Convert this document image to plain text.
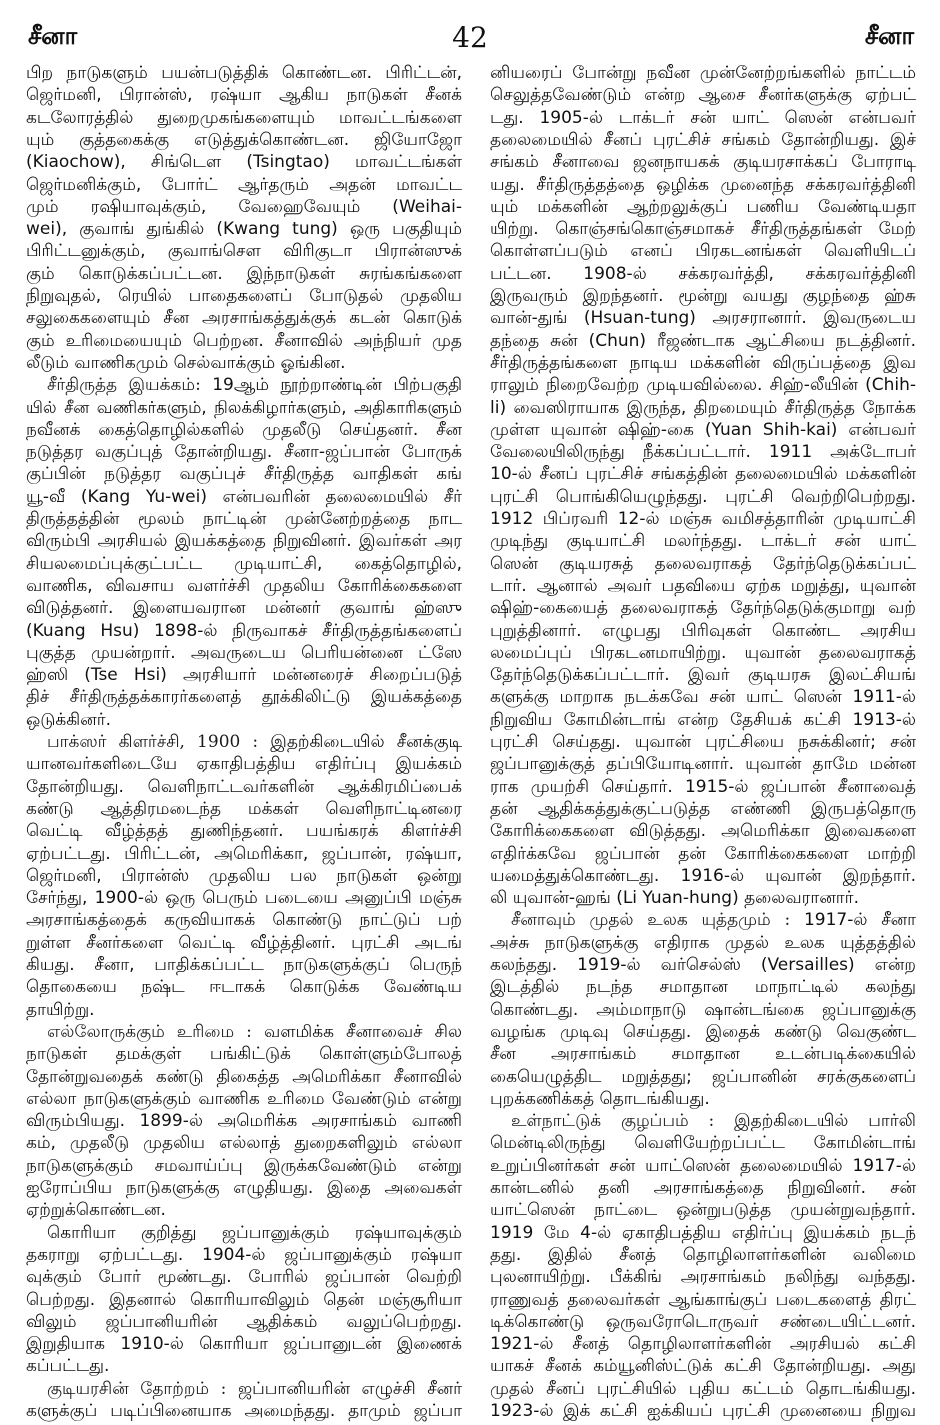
சீனா	42	சீனா
பிற நாடுகளும் பயன்படுத்திக் கொண்டன. பிரிட்டன்,
ஜெர்மனி, பிரான்ஸ், ரஷ்யா ஆகிய நாடுகள் சீனக்
கடலோரத்தில் துறைமுகங்களையும் மாவட்டங்களை
யும் குத்தகைக்கு எடுத்துக்கொண்டன. ஜியோஜோ
(Kiaochow), சிங்டௌ (Tsingtao) மாவட்டங்கள்
ஜெர்மனிக்கும், போர்ட் ஆர்தரும் அதன் மாவட்ட
மும் ரஷியாவுக்கும், வேஹைவேயும் (Weihai-
wei), குவாங் துங்கில் (Kwang tung) ஒரு பகுதியும்
பிரிட்டனுக்கும், குவாங்சௌ விரிகுடா பிரான்ஸுக்
கும் கொடுக்கப்பட்டன. இந்நாடுகள் சுரங்கங்களை
நிறுவுதல், ரெயில் பாதைகளைப் போடுதல் முதலிய
சலுகைகளையும் சீன அரசாங்கத்துக்குக் கடன் கொடுக்
கும் உரிமையையும் பெற்றன. சீனாவில் அந்நியர் முத
லீடும் வாணிகமும் செல்வாக்கும் ஓங்கின.
சீர்திருத்த இயக்கம்: 19ஆம் நூற்றாண்டின் பிற்பகுதி
யில் சீன வணிகர்களும், நிலக்கிழார்களும், அதிகாரிகளும்
நவீனக் கைத்தொழில்களில் முதலீடு செய்தனர். சீன
நடுத்தர வகுப்புத் தோன்றியது. சீனா-ஜப்பான் போருக்
குப்பின் நடுத்தர வகுப்புச் சீர்திருத்த வாதிகள் கங்
யூ-வீ (Kang Yu-wei) என்பவரின் தலைமையில் சீர்
திருத்தத்தின் மூலம் நாட்டின் முன்னேற்றத்தை நாட
விரும்பி அரசியல் இயக்கத்தை நிறுவினர். இவர்கள் அர
சியலமைப்புக்குட்பட்ட முடியாட்சி, கைத்தொழில்,
வாணிக, விவசாய வளர்ச்சி முதலிய கோரிக்கைகளை
விடுத்தனர். இளையவரான மன்னர் குவாங் ஹ்ஸு
(Kuang Hsu) 1898-ல் நிருவாகச் சீர்திருத்தங்களைப்
புகுத்த முயன்றார். அவருடைய பெரியன்னை ட்ஸே
ஹ்ஸி (Tse Hsi) அரசியார் மன்னரைச் சிறைப்படுத்
திச் சீர்திருத்தக்காரர்களைத் தூக்கிலிட்டு இயக்கத்தை
ஒடுக்கினர்.
பாக்ஸர் கிளர்ச்சி, 1900 : இதற்கிடையில் சீனக்குடி
யானவர்களிடையே ஏகாதிபத்திய எதிர்ப்பு இயக்கம்
தோன்றியது. வெளிநாட்டவர்களின் ஆக்கிரமிப்பைக்
கண்டு ஆத்திரமடைந்த மக்கள் வெளிநாட்டினரை
வெட்டி வீழ்த்தத் துணிந்தனர். பயங்கரக் கிளர்ச்சி
ஏற்பட்டது. பிரிட்டன், அமெரிக்கா, ஜப்பான், ரஷ்யா,
ஜெர்மனி, பிரான்ஸ் முதலிய பல நாடுகள் ஒன்று
சேர்ந்து, 1900-ல் ஒரு பெரும் படையை அனுப்பி மஞ்சு
அரசாங்கத்தைக் கருவியாகக் கொண்டு நாட்டுப் பற்
றுள்ள சீனர்களை வெட்டி வீழ்த்தினர். புரட்சி அடங்
கியது. சீனா, பாதிக்கப்பட்ட நாடுகளுக்குப் பெருந்
தொகையை நஷ்ட ஈடாகக் கொடுக்க வேண்டிய
தாயிற்று.
எல்லோருக்கும் உரிமை : வளமிக்க சீனாவைச் சில
நாடுகள் தமக்குள் பங்கிட்டுக் கொள்ளும்போலத்
தோன்றுவதைக் கண்டு திகைத்த அமெரிக்கா சீனாவில்
எல்லா நாடுகளுக்கும் வாணிக உரிமை வேண்டும் என்று
விரும்பியது. 1899-ல் அமெரிக்க அரசாங்கம் வாணி
கம், முதலீடு முதலிய எல்லாத் துறைகளிலும் எல்லா
நாடுகளுக்கும் சமவாய்ப்பு இருக்கவேண்டும் என்று
ஐரோப்பிய நாடுகளுக்கு எழுதியது. இதை அவைகள்
ஏற்றுக்கொண்டன.
கொரியா குறித்து ஜப்பானுக்கும் ரஷ்யாவுக்கும்
தகராறு ஏற்பட்டது. 1904-ல் ஜப்பானுக்கும் ரஷ்யா
வுக்கும் போர் மூண்டது. போரில் ஜப்பான் வெற்றி
பெற்றது. இதனால் கொரியாவிலும் தென் மஞ்சூரியா
விலும் ஜப்பானியரின் ஆதிக்கம் வலுப்பெற்றது.
இறுதியாக 1910-ல் கொரியா ஜப்பானுடன் இணைக்
கப்பட்டது.
குடியரசின் தோற்றம் : ஜப்பானியரின் எழுச்சி சீனர்
களுக்குப் படிப்பினையாக அமைந்தது. தாமும் ஜப்பா
னியரைப் போன்று நவீன முன்னேற்றங்களில் நாட்டம்
செலுத்தவேண்டும் என்ற ஆசை சீனர்களுக்கு ஏற்பட்
டது. 1905-ல் டாக்டர் சன் யாட் ஸென் என்பவர்
தலைமையில் சீனப் புரட்சிச் சங்கம் தோன்றியது. இச்
சங்கம் சீனாவை ஜனநாயகக் குடியரசாக்கப் போராடி
யது. சீர்திருத்தத்தை ஒழிக்க முனைந்த சக்கரவர்த்தினி
யும் மக்களின் ஆற்றலுக்குப் பணிய வேண்டியதா
யிற்று. கொஞ்சங்கொஞ்சமாகச் சீர்திருத்தங்கள் மேற்
கொள்ளப்படும் எனப் பிரகடனங்கள் வெளியிடப்
பட்டன. 1908-ல் சக்கரவர்த்தி, சக்கரவர்த்தினி
இருவரும் இறந்தனர். மூன்று வயது குழந்தை ஹ்சு
வான்-துங் (Hsuan-tung) அரசரானார். இவருடைய
தந்தை சுன் (Chun) ரீஜண்டாக ஆட்சியை நடத்தினர்.
சீர்திருத்தங்களை நாடிய மக்களின் விருப்பத்தை இவ
ராலும் நிறைவேற்ற முடியவில்லை. சிஹ்-லீயின் (Chih-
li) வைஸிராயாக இருந்த, திறமையும் சீர்திருத்த நோக்க
முள்ள யுவான் ஷிஹ்-கை (Yuan Shih-kai) என்பவர்
வேலையிலிருந்து நீக்கப்பட்டார். 1911 அக்டோபர்
10-ல் சீனப் புரட்சிச் சங்கத்தின் தலைமையில் மக்களின்
புரட்சி பொங்கியெழுந்தது. புரட்சி வெற்றிபெற்றது.
1912 பிப்ரவரி 12-ல் மஞ்சு வமிசத்தாரின் முடியாட்சி
முடிந்து குடியாட்சி மலர்ந்தது. டாக்டர் சன் யாட்
ஸென் குடியரசுத் தலைவராகத் தேர்ந்தெடுக்கப்பட்
டார். ஆனால் அவர் பதவியை ஏற்க மறுத்து, யுவான்
ஷிஹ்-கையைத் தலைவராகத் தேர்ந்தெடுக்குமாறு வற்
புறுத்தினார். எழுபது பிரிவுகள் கொண்ட அரசிய
லமைப்புப் பிரகடனமாயிற்று. யுவான் தலைவராகத்
தேர்ந்தெடுக்கப்பட்டார். இவர் குடியரசு இலட்சியங்
களுக்கு மாறாக நடக்கவே சன் யாட் ஸென் 1911-ல்
நிறுவிய கோமின்டாங் என்ற தேசியக் கட்சி 1913-ல்
புரட்சி செய்தது. யுவான் புரட்சியை நசுக்கினர்; சன்
ஜப்பானுக்குத் தப்பியோடினார். யுவான் தாமே மன்ன
ராக முயற்சி செய்தார். 1915-ல் ஜப்பான் சீனாவைத்
தன் ஆதிக்கத்துக்குட்படுத்த எண்ணி இருபத்தொரு
கோரிக்கைகளை விடுத்தது. அமெரிக்கா இவைகளை
எதிர்க்கவே ஜப்பான் தன் கோரிக்கைகளை மாற்றி
யமைத்துக்கொண்டது. 1916-ல் யுவான் இறந்தார்.
லி யுவான்-ஹங் (Li Yuan-hung) தலைவரானார்.
சீனாவும் முதல் உலக யுத்தமும் : 1917-ல் சீனா
அச்சு நாடுகளுக்கு எதிராக முதல் உலக யுத்தத்தில்
கலந்தது. 1919-ல் வர்செல்ஸ் (Versailles) என்ற
இடத்தில் நடந்த சமாதான மாநாட்டில் கலந்து
கொண்டது. அம்மாநாடு ஷான்டங்கை ஜப்பானுக்கு
வழங்க முடிவு செய்தது. இதைக் கண்டு வெகுண்ட
சீன அரசாங்கம் சமாதான உடன்படிக்கையில்
கையெழுத்திட மறுத்தது; ஜப்பானின் சரக்குகளைப்
புறக்கணிக்கத் தொடங்கியது.
உள்நாட்டுக் குழப்பம் : இதற்கிடையில் பார்லி
மென்டிலிருந்து வெளியேற்றப்பட்ட கோமின்டாங்
உறுப்பினர்கள் சன் யாட்ஸென் தலைமையில் 1917-ல்
கான்டனில் தனி அரசாங்கத்தை நிறுவினர். சன்
யாட்ஸென் நாட்டை ஒன்றுபடுத்த முயன்றுவந்தார்.
1919 மே 4-ல் ஏகாதிபத்திய எதிர்ப்பு இயக்கம் நடந்
தது. இதில் சீனத் தொழிலாளர்களின் வலிமை
புலனாயிற்று. பீக்கிங் அரசாங்கம் நலிந்து வந்தது.
ராணுவத் தலைவர்கள் ஆங்காங்குப் படைகளைத் திரட்
டிக்கொண்டு ஒருவரோடொருவர் சண்டையிட்டனர்.
1921-ல் சீனத் தொழிலாளர்களின் அரசியல் கட்சி
யாகச் சீனக் கம்யூனிஸ்ட்டுக் கட்சி தோன்றியது. அது
முதல் சீனப் புரட்சியில் புதிய கட்டம் தொடங்கியது.
1923-ல் இக் கட்சி ஐக்கியப் புரட்சி முனையை நிறுவ
